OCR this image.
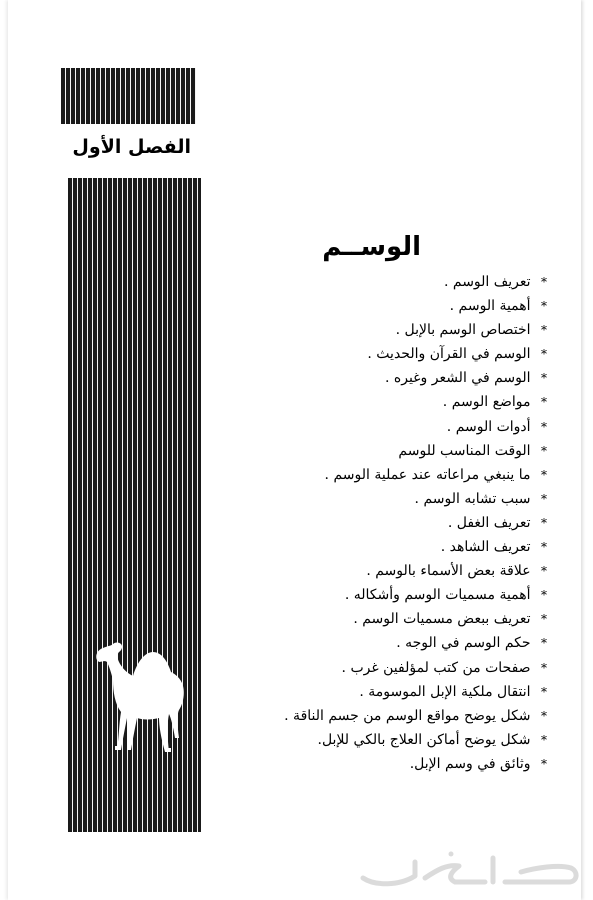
الفصل الأول
الوســم
* تعريف الوسم .
* أهمية الوسم .
* اختصاص الوسم بالإبل .
* الوسم في القرآن والحديث .
* الوسم في الشعر وغيره .
* مواضع الوسم .
* أدوات الوسم .
* الوقت المناسب للوسم
* ما ينبغي مراعاته عند عملية الوسم .
* سبب تشابه الوسم .
* تعريف الغفل .
* تعريف الشاهد .
* علاقة بعض الأسماء بالوسم .
* أهمية مسميات الوسم وأشكاله .
* تعريف ببعض مسميات الوسم .
* حكم الوسم في الوجه .
* صفحات من كتب لمؤلفين غرب .
* انتقال ملكية الإبل الموسومة .
* شكل يوضح مواقع الوسم من جسم الناقة .
* شكل يوضح أماكن العلاج بالكي للإبل.
* وثائق في وسم الإبل.
